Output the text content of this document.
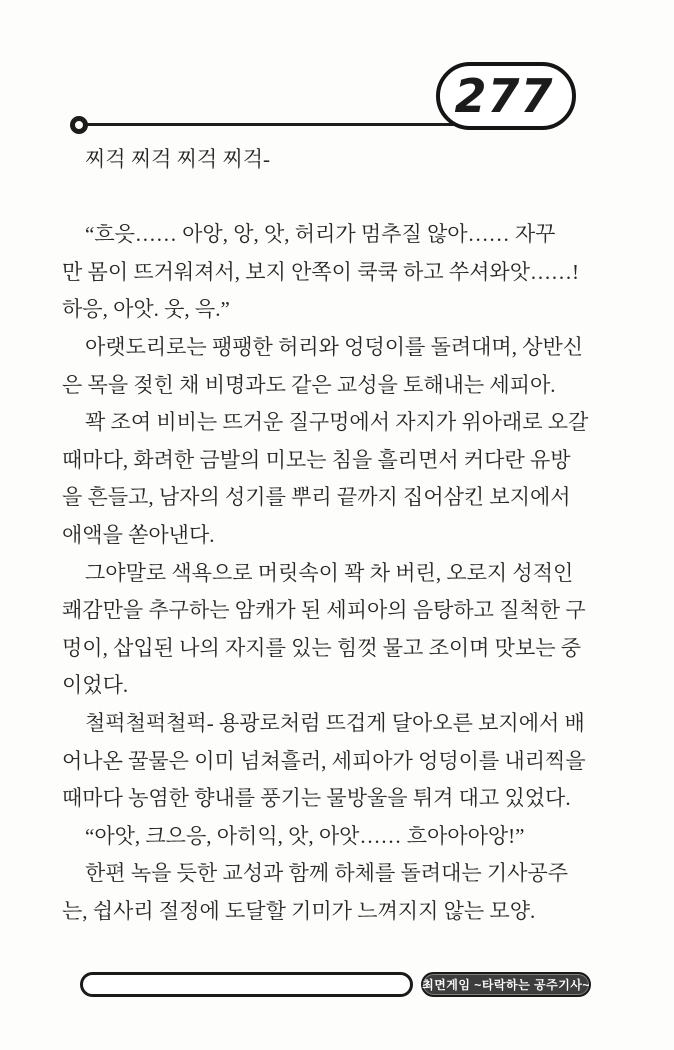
277
찌걱 찌걱 찌걱 찌걱-
“흐읏…… 아앙, 앙, 앗, 허리가 멈추질 않아…… 자꾸
만 몸이 뜨거워져서, 보지 안쪽이 쿡쿡 하고 쑤셔와앗……!
하응, 아앗. 웃, 윽.”
아랫도리로는 팽팽한 허리와 엉덩이를 돌려대며, 상반신
은 목을 젖힌 채 비명과도 같은 교성을 토해내는 세피아.
꽉 조여 비비는 뜨거운 질구멍에서 자지가 위아래로 오갈
때마다, 화려한 금발의 미모는 침을 흘리면서 커다란 유방
을 흔들고, 남자의 성기를 뿌리 끝까지 집어삼킨 보지에서
애액을 쏟아낸다.
그야말로 색욕으로 머릿속이 꽉 차 버린, 오로지 성적인
쾌감만을 추구하는 암캐가 된 세피아의 음탕하고 질척한 구
멍이, 삽입된 나의 자지를 있는 힘껏 물고 조이며 맛보는 중
이었다.
철퍽철퍽철퍽- 용광로처럼 뜨겁게 달아오른 보지에서 배
어나온 꿀물은 이미 넘쳐흘러, 세피아가 엉덩이를 내리찍을
때마다 농염한 향내를 풍기는 물방울을 튀겨 대고 있었다.
“아앗, 크으응, 아히익, 앗, 아앗…… 흐아아아앙!”
한편 녹을 듯한 교성과 함께 하체를 돌려대는 기사공주
는, 쉽사리 절정에 도달할 기미가 느껴지지 않는 모양.
최면게임 ~타락하는 공주기사~
